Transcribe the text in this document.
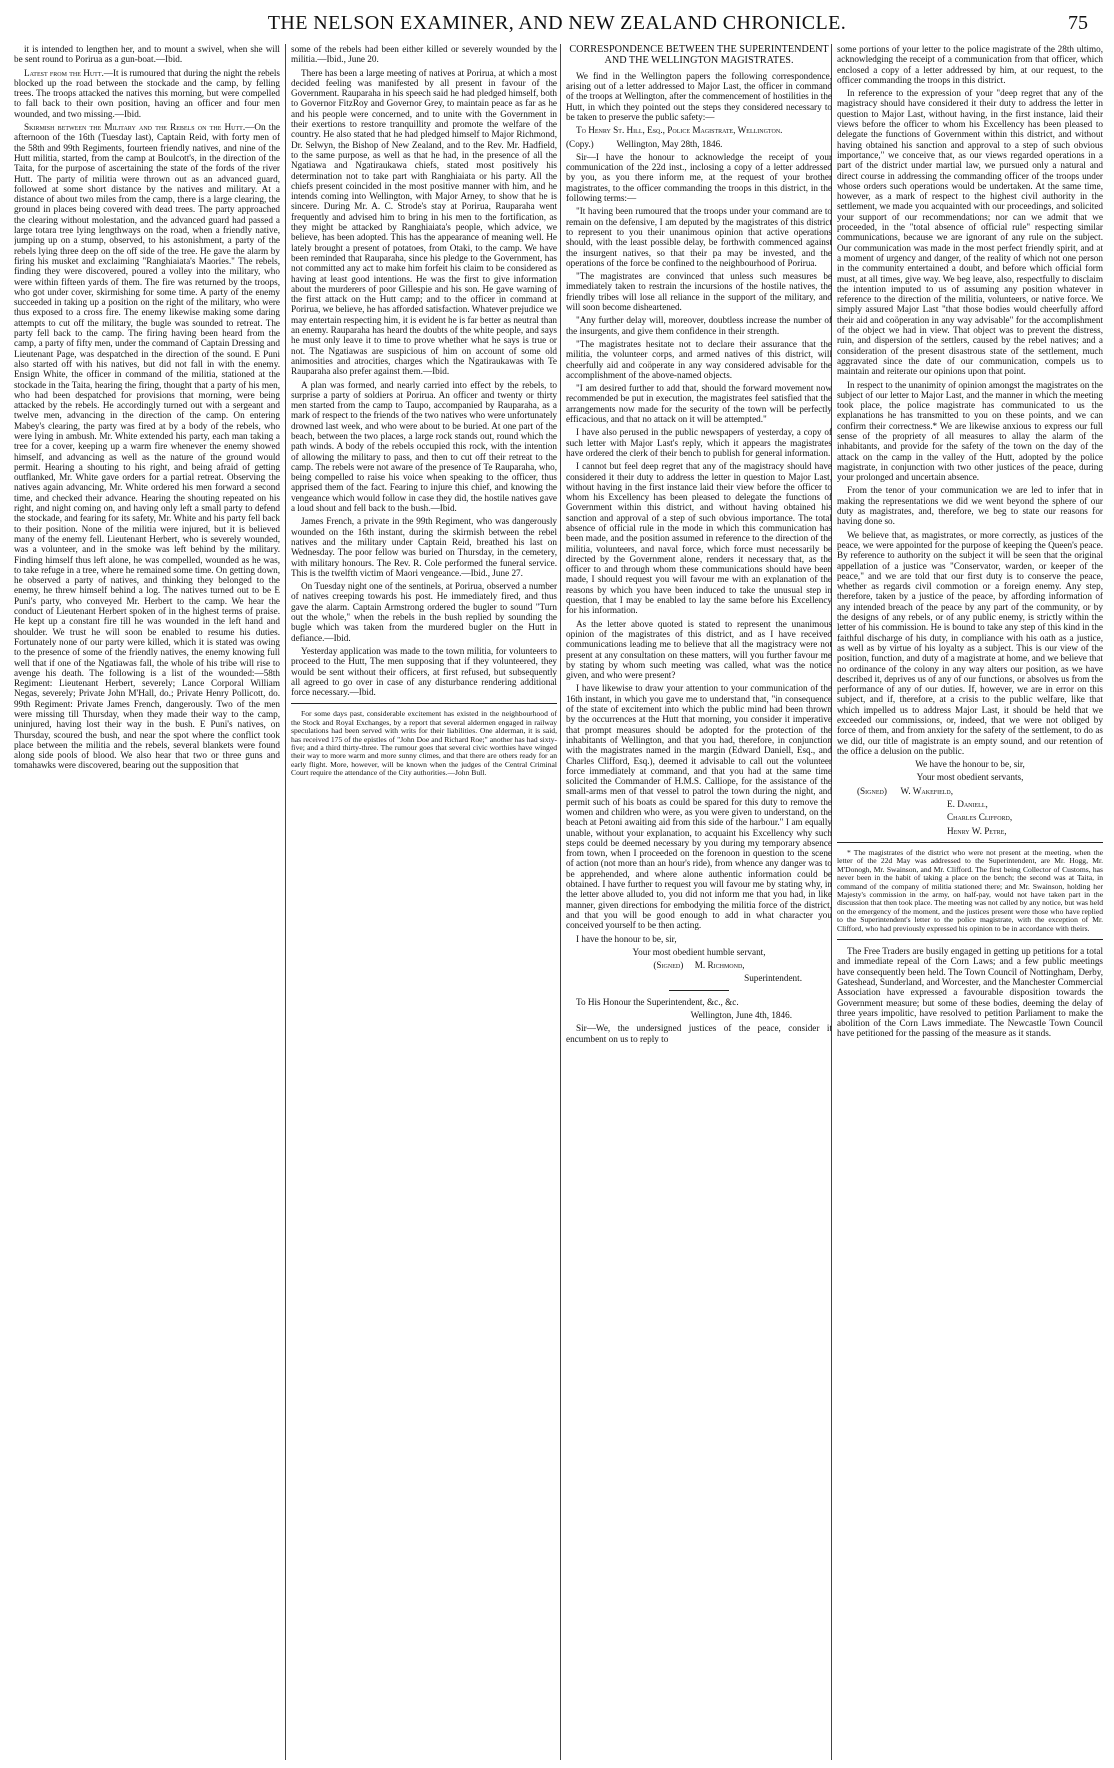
THE NELSON EXAMINER, AND NEW ZEALAND CHRONICLE.	75

it is intended to lengthen her, and to mount a swivel, when she will be sent round to Porirua as a gun-boat.—Ibid.

Latest from the Hutt.—It is rumoured that during the night the rebels blocked up the road between the stockade and the camp, by felling trees. The troops attacked the natives this morning, but were compelled to fall back to their own position, having an officer and four men wounded, and two missing.—Ibid.

Skirmish between the Military and the Rebels on the Hutt.—On the afternoon of the 16th (Tuesday last), Captain Reid, with forty men of the 58th and 99th Regiments, fourteen friendly natives, and nine of the Hutt militia, started, from the camp at Boulcott's, in the direction of the Taita, for the purpose of ascertaining the state of the fords of the river Hutt. The party of militia were thrown out as an advanced guard, followed at some short distance by the natives and military. At a distance of about two miles from the camp, there is a large clearing, the ground in places being covered with dead trees. The party approached the clearing without molestation, and the advanced guard had passed a large totara tree lying lengthways on the road, when a friendly native, jumping up on a stump, observed, to his astonishment, a party of the rebels lying three deep on the off side of the tree. He gave the alarm by firing his musket and exclaiming "Ranghiaiata's Maories." The rebels, finding they were discovered, poured a volley into the military, who were within fifteen yards of them. The fire was returned by the troops, who got under cover, skirmishing for some time. A party of the enemy succeeded in taking up a position on the right of the military, who were thus exposed to a cross fire. The enemy likewise making some daring attempts to cut off the military, the bugle was sounded to retreat. The party fell back to the camp. The firing having been heard from the camp, a party of fifty men, under the command of Captain Dressing and Lieutenant Page, was despatched in the direction of the sound. E Puni also started off with his natives, but did not fall in with the enemy. Ensign White, the officer in command of the militia, stationed at the stockade in the Taita, hearing the firing, thought that a party of his men, who had been despatched for provisions that morning, were being attacked by the rebels. He accordingly turned out with a sergeant and twelve men, advancing in the direction of the camp. On entering Mabey's clearing, the party was fired at by a body of the rebels, who were lying in ambush. Mr. White extended his party, each man taking a tree for a cover, keeping up a warm fire whenever the enemy showed himself, and advancing as well as the nature of the ground would permit. Hearing a shouting to his right, and being afraid of getting outflanked, Mr. White gave orders for a partial retreat. Observing the natives again advancing, Mr. White ordered his men forward a second time, and checked their advance. Hearing the shouting repeated on his right, and night coming on, and having only left a small party to defend the stockade, and fearing for its safety, Mr. White and his party fell back to their position. None of the militia were injured, but it is believed many of the enemy fell. Lieutenant Herbert, who is severely wounded, was a volunteer, and in the smoke was left behind by the military. Finding himself thus left alone, he was compelled, wounded as he was, to take refuge in a tree, where he remained some time. On getting down, he observed a party of natives, and thinking they belonged to the enemy, he threw himself behind a log. The natives turned out to be E Puni's party, who conveyed Mr. Herbert to the camp. We hear the conduct of Lieutenant Herbert spoken of in the highest terms of praise. He kept up a constant fire till he was wounded in the left hand and shoulder. We trust he will soon be enabled to resume his duties. Fortunately none of our party were killed, which it is stated was owing to the presence of some of the friendly natives, the enemy knowing full well that if one of the Ngatiawas fall, the whole of his tribe will rise to avenge his death. The following is a list of the wounded:—58th Regiment: Lieutenant Herbert, severely; Lance Corporal William Negas, severely; Private John M'Hall, do.; Private Henry Pollicott, do. 99th Regiment: Private James French, dangerously. Two of the men were missing till Thursday, when they made their way to the camp, uninjured, having lost their way in the bush. E Puni's natives, on Thursday, scoured the bush, and near the spot where the conflict took place between the militia and the rebels, several blankets were found along side pools of blood. We also hear that two or three guns and tomahawks were discovered, bearing out the supposition that

some of the rebels had been either killed or severely wounded by the militia.—Ibid., June 20.

There has been a large meeting of natives at Porirua, at which a most decided feeling was manifested by all present in favour of the Government. Rauparaha in his speech said he had pledged himself, both to Governor FitzRoy and Governor Grey, to maintain peace as far as he and his people were concerned, and to unite with the Government in their exertions to restore tranquillity and promote the welfare of the country. He also stated that he had pledged himself to Major Richmond, Dr. Selwyn, the Bishop of New Zealand, and to the Rev. Mr. Hadfield, to the same purpose, as well as that he had, in the presence of all the Ngatiawa and Ngatiraukawa chiefs, stated most positively his determination not to take part with Ranghiaiata or his party. All the chiefs present coincided in the most positive manner with him, and he intends coming into Wellington, with Major Arney, to show that he is sincere. During Mr. A. C. Strode's stay at Porirua, Rauparaha went frequently and advised him to bring in his men to the fortification, as they might be attacked by Ranghiaiata's people, which advice, we believe, has been adopted. This has the appearance of meaning well. He lately brought a present of potatoes, from Otaki, to the camp. We have been reminded that Rauparaha, since his pledge to the Government, has not committed any act to make him forfeit his claim to be considered as having at least good intentions. He was the first to give information about the murderers of poor Gillespie and his son. He gave warning of the first attack on the Hutt camp; and to the officer in command at Porirua, we believe, he has afforded satisfaction. Whatever prejudice we may entertain respecting him, it is evident he is far better as neutral than an enemy. Rauparaha has heard the doubts of the white people, and says he must only leave it to time to prove whether what he says is true or not. The Ngatiawas are suspicious of him on account of some old animosities and atrocities, charges which the Ngatiraukawas with Te Rauparaha also prefer against them.—Ibid.

A plan was formed, and nearly carried into effect by the rebels, to surprise a party of soldiers at Porirua. An officer and twenty or thirty men started from the camp to Taupo, accompanied by Rauparaha, as a mark of respect to the friends of the two natives who were unfortunately drowned last week, and who were about to be buried. At one part of the beach, between the two places, a large rock stands out, round which the path winds. A body of the rebels occupied this rock, with the intention of allowing the military to pass, and then to cut off their retreat to the camp. The rebels were not aware of the presence of Te Rauparaha, who, being compelled to raise his voice when speaking to the officer, thus apprised them of the fact. Fearing to injure this chief, and knowing the vengeance which would follow in case they did, the hostile natives gave a loud shout and fell back to the bush.—Ibid.

James French, a private in the 99th Regiment, who was dangerously wounded on the 16th instant, during the skirmish between the rebel natives and the military under Captain Reid, breathed his last on Wednesday. The poor fellow was buried on Thursday, in the cemetery, with military honours. The Rev. R. Cole performed the funeral service. This is the twelfth victim of Maori vengeance.—Ibid., June 27.

On Tuesday night one of the sentinels, at Porirua, observed a number of natives creeping towards his post. He immediately fired, and thus gave the alarm. Captain Armstrong ordered the bugler to sound "Turn out the whole," when the rebels in the bush replied by sounding the bugle which was taken from the murdered bugler on the Hutt in defiance.—Ibid.

Yesterday application was made to the town militia, for volunteers to proceed to the Hutt, The men supposing that if they volunteered, they would be sent without their officers, at first refused, but subsequently all agreed to go over in case of any disturbance rendering additional force necessary.—Ibid.

For some days past, considerable excitement has existed in the neighbourhood of the Stock and Royal Exchanges, by a report that several aldermen engaged in railway speculations had been served with writs for their liabilities. One alderman, it is said, has received 175 of the epistles of "John Doe and Richard Roe;" another has had sixty-five; and a third thirty-three. The rumour goes that several civic worthies have winged their way to more warm and more sunny climes, and that there are others ready for an early flight. More, however, will be known when the judges of the Central Criminal Court require the attendance of the City authorities.—John Bull.

CORRESPONDENCE BETWEEN THE SUPERINTENDENT AND THE WELLINGTON MAGISTRATES.

We find in the Wellington papers the following correspondence, arising out of a letter addressed to Major Last, the officer in command of the troops at Wellington, after the commencement of hostilities in the Hutt, in which they pointed out the steps they considered necessary to be taken to preserve the public safety:—

To Henry St. Hill, Esq., Police Magistrate, Wellington.

(Copy.)          Wellington, May 28th, 1846.

Sir—I have the honour to acknowledge the receipt of your communication of the 22d inst., inclosing a copy of a letter addressed by you, as you there inform me, at the request of your brother magistrates, to the officer commanding the troops in this district, in the following terms:—

"It having been rumoured that the troops under your command are to remain on the defensive, I am deputed by the magistrates of this district to represent to you their unanimous opinion that active operations should, with the least possible delay, be forthwith commenced against the insurgent natives, so that their pa may be invested, and the operations of the force be confined to the neighbourhood of Porirua.

"The magistrates are convinced that unless such measures be immediately taken to restrain the incursions of the hostile natives, the friendly tribes will lose all reliance in the support of the military, and will soon become disheartened.

"Any further delay will, moreover, doubtless increase the number of the insurgents, and give them confidence in their strength.

"The magistrates hesitate not to declare their assurance that the militia, the volunteer corps, and armed natives of this district, will cheerfully aid and coöperate in any way considered advisable for the accomplishment of the above-named objects.

"I am desired further to add that, should the forward movement now recommended be put in execution, the magistrates feel satisfied that the arrangements now made for the security of the town will be perfectly efficacious, and that no attack on it will be attempted."

I have also perused in the public newspapers of yesterday, a copy of such letter with Major Last's reply, which it appears the magistrates have ordered the clerk of their bench to publish for general information.

I cannot but feel deep regret that any of the magistracy should have considered it their duty to address the letter in question to Major Last, without having in the first instance laid their view before the officer to whom his Excellency has been pleased to delegate the functions of Government within this district, and without having obtained his sanction and approval of a step of such obvious importance. The total absence of official rule in the mode in which this communication has been made, and the position assumed in reference to the direction of the militia, volunteers, and naval force, which force must necessarily be directed by the Government alone, renders it necessary that, as the officer to and through whom these communications should have been made, I should request you will favour me with an explanation of the reasons by which you have been induced to take the unusual step in question, that I may be enabled to lay the same before his Excellency for his information.

As the letter above quoted is stated to represent the unanimous opinion of the magistrates of this district, and as I have received communications leading me to believe that all the magistracy were not present at any consultation on these matters, will you further favour me by stating by whom such meeting was called, what was the notice given, and who were present?

I have likewise to draw your attention to your communication of the 16th instant, in which you gave me to understand that, "in consequence of the state of excitement into which the public mind had been thrown by the occurrences at the Hutt that morning, you consider it imperative that prompt measures should be adopted for the protection of the inhabitants of Wellington, and that you had, therefore, in conjunction with the magistrates named in the margin (Edward Daniell, Esq., and Charles Clifford, Esq.), deemed it advisable to call out the volunteer force immediately at command, and that you had at the same time solicited the Commander of H.M.S. Calliope, for the assistance of the small-arms men of that vessel to patrol the town during the night, and permit such of his boats as could be spared for this duty to remove the women and children who were, as you were given to understand, on the beach at Petoni awaiting aid from this side of the harbour." I am equally unable, without your explanation, to acquaint his Excellency why such steps could be deemed necessary by you during my temporary absence from town, when I proceeded on the forenoon in question to the scene of action (not more than an hour's ride), from whence any danger was to be apprehended, and where alone authentic information could be obtained. I have further to request you will favour me by stating why, in the letter above alluded to, you did not inform me that you had, in like manner, given directions for embodying the militia force of the district, and that you will be good enough to add in what character you conceived yourself to be then acting.

I have the honour to be, sir,

Your most obedient humble servant,

(Signed)     M. Richmond,

Superintendent.

To His Honour the Superintendent, &c., &c.

Wellington, June 4th, 1846.

Sir—We, the undersigned justices of the peace, consider it encumbent on us to reply to

some portions of your letter to the police magistrate of the 28th ultimo, acknowledging the receipt of a communication from that officer, which enclosed a copy of a letter addressed by him, at our request, to the officer commanding the troops in this district.

In reference to the expression of your "deep regret that any of the magistracy should have considered it their duty to address the letter in question to Major Last, without having, in the first instance, laid their views before the officer to whom his Excellency has been pleased to delegate the functions of Government within this district, and without having obtained his sanction and approval to a step of such obvious importance," we conceive that, as our views regarded operations in a part of the district under martial law, we pursued only a natural and direct course in addressing the commanding officer of the troops under whose orders such operations would be undertaken. At the same time, however, as a mark of respect to the highest civil authority in the settlement, we made you acquainted with our proceedings, and solicited your support of our recommendations; nor can we admit that we proceeded, in the "total absence of official rule" respecting similar communications, because we are ignorant of any rule on the subject. Our communication was made in the most perfect friendly spirit, and at a moment of urgency and danger, of the reality of which not one person in the community entertained a doubt, and before which official form must, at all times, give way. We beg leave, also, respectfully to disclaim the intention imputed to us of assuming any position whatever in reference to the direction of the militia, volunteers, or native force. We simply assured Major Last "that those bodies would cheerfully afford their aid and coöperation in any way advisable" for the accomplishment of the object we had in view. That object was to prevent the distress, ruin, and dispersion of the settlers, caused by the rebel natives; and a consideration of the present disastrous state of the settlement, much aggravated since the date of our communication, compels us to maintain and reiterate our opinions upon that point.

In respect to the unanimity of opinion amongst the magistrates on the subject of our letter to Major Last, and the manner in which the meeting took place, the police magistrate has communicated to us the explanations he has transmitted to you on these points, and we can confirm their correctness.* We are likewise anxious to express our full sense of the propriety of all measures to allay the alarm of the inhabitants, and provide for the safety of the town on the day of the attack on the camp in the valley of the Hutt, adopted by the police magistrate, in conjunction with two other justices of the peace, during your prolonged and uncertain absence.

From the tenor of your communication we are led to infer that in making the representations we did we went beyond the sphere of our duty as magistrates, and, therefore, we beg to state our reasons for having done so.

We believe that, as magistrates, or more correctly, as justices of the peace, we were appointed for the purpose of keeping the Queen's peace. By reference to authority on the subject it will be seen that the original appellation of a justice was "Conservator, warden, or keeper of the peace," and we are told that our first duty is to conserve the peace, whether as regards civil commotion or a foreign enemy. Any step, therefore, taken by a justice of the peace, by affording information of any intended breach of the peace by any part of the community, or by the designs of any rebels, or of any public enemy, is strictly within the letter of his commission. He is bound to take any step of this kind in the faithful discharge of his duty, in compliance with his oath as a justice, as well as by virtue of his loyalty as a subject. This is our view of the position, function, and duty of a magistrate at home, and we believe that no ordinance of the colony in any way alters our position, as we have described it, deprives us of any of our functions, or absolves us from the performance of any of our duties. If, however, we are in error on this subject, and if, therefore, at a crisis to the public welfare, like that which impelled us to address Major Last, it should be held that we exceeded our commissions, or, indeed, that we were not obliged by force of them, and from anxiety for the safety of the settlement, to do as we did, our title of magistrate is an empty sound, and our retention of the office a delusion on the public.

We have the honour to be, sir,

Your most obedient servants,

(Signed)      W. Wakefield,

E. Daniell,

Charles Clifford,

Henry W. Petre,

* The magistrates of the district who were not present at the meeting, when the letter of the 22d May was addressed to the Superintendent, are Mr. Hogg, Mr. M'Donogh, Mr. Swainson, and Mr. Clifford. The first being Collector of Customs, has never been in the habit of taking a place on the bench; the second was at Taita, in command of the company of militia stationed there; and Mr. Swainson, holding her Majesty's commission in the army, on half-pay, would not have taken part in the discussion that then took place. The meeting was not called by any notice, but was held on the emergency of the moment, and the justices present were those who have replied to the Superintendent's letter to the police magistrate, with the exception of Mr. Clifford, who had previously expressed his opinion to be in accordance with theirs.

The Free Traders are busily engaged in getting up petitions for a total and immediate repeal of the Corn Laws; and a few public meetings have consequently been held. The Town Council of Nottingham, Derby, Gateshead, Sunderland, and Worcester, and the Manchester Commercial Association have expressed a favourable disposition towards the Government measure; but some of these bodies, deeming the delay of three years impolitic, have resolved to petition Parliament to make the abolition of the Corn Laws immediate. The Newcastle Town Council have petitioned for the passing of the measure as it stands.
